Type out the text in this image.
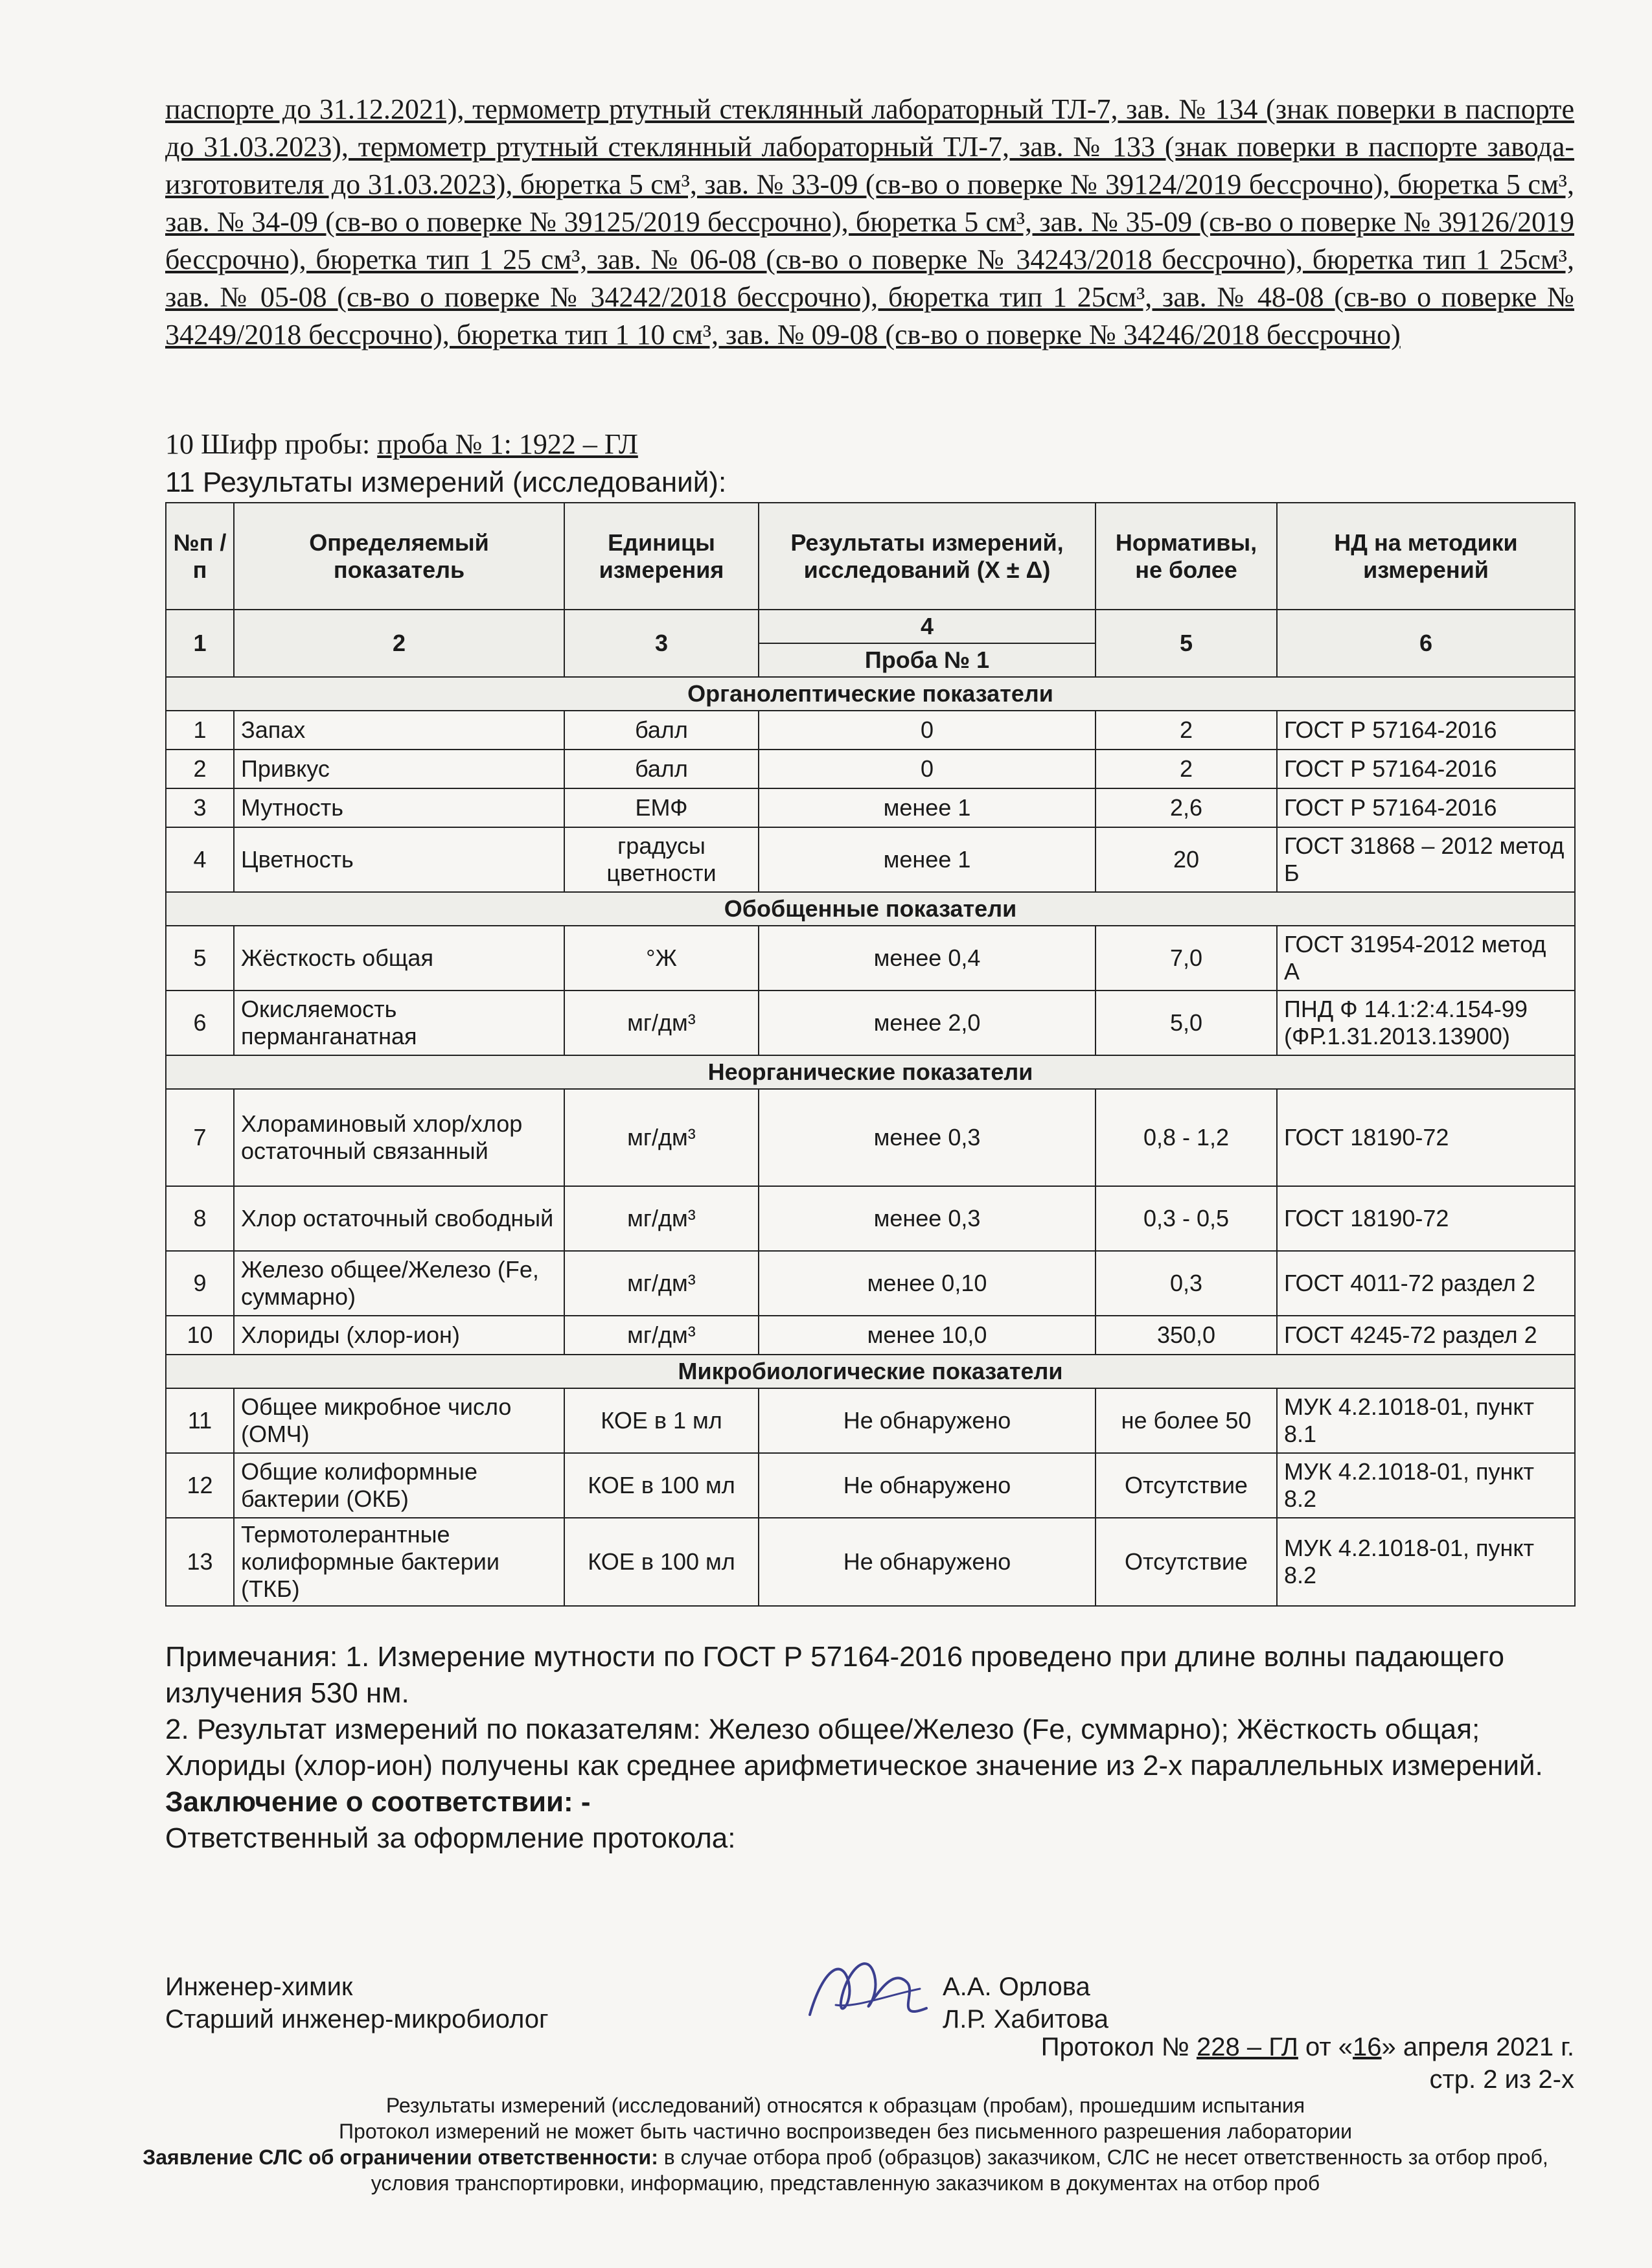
паспорте до 31.12.2021), термометр ртутный стеклянный лабораторный ТЛ-7, зав. № 134 (знак поверки в паспорте до 31.03.2023), термометр ртутный стеклянный лабораторный ТЛ-7, зав. № 133 (знак поверки в паспорте завода-изготовителя до 31.03.2023), бюретка 5 см³, зав. № 33-09 (св-во о поверке № 39124/2019 бессрочно), бюретка 5 см³, зав. № 34-09 (св-во о поверке № 39125/2019 бессрочно), бюретка 5 см³, зав. № 35-09 (св-во о поверке № 39126/2019 бессрочно), бюретка тип 1 25 см³, зав. № 06-08 (св-во о поверке № 34243/2018 бессрочно), бюретка тип 1 25см³, зав. № 05-08 (св-во о поверке № 34242/2018 бессрочно), бюретка тип 1 25см³, зав. № 48-08 (св-во о поверке № 34249/2018 бессрочно), бюретка тип 1 10 см³, зав. № 09-08 (св-во о поверке № 34246/2018 бессрочно)
10 Шифр пробы: проба № 1: 1922 – ГЛ
11 Результаты измерений (исследований):
№п /п	Определяемый показатель	Единицы измерения	Результаты измерений, исследований (Х ± Δ)	Нормативы, не более	НД на методики измерений
1	2	3	4	5	6
			Проба № 1		
Органолептические показатели					
1	Запах	балл	0	2	ГОСТ Р 57164-2016
2	Привкус	балл	0	2	ГОСТ Р 57164-2016
3	Мутность	ЕМФ	менее 1	2,6	ГОСТ Р 57164-2016
4	Цветность	градусы цветности	менее 1	20	ГОСТ 31868 – 2012 метод Б
Обобщенные показатели					
5	Жёсткость общая	°Ж	менее 0,4	7,0	ГОСТ 31954-2012 метод А
6	Окисляемость перманганатная	мг/дм³	менее 2,0	5,0	ПНД Ф 14.1:2:4.154-99 (ФР.1.31.2013.13900)
Неорганические показатели					
7	Хлораминовый хлор/хлор остаточный связанный	мг/дм³	менее 0,3	0,8 - 1,2	ГОСТ 18190-72
8	Хлор остаточный свободный	мг/дм³	менее 0,3	0,3 - 0,5	ГОСТ 18190-72
9	Железо общее/Железо (Fe, суммарно)	мг/дм³	менее 0,10	0,3	ГОСТ 4011-72 раздел 2
10	Хлориды (хлор-ион)	мг/дм³	менее 10,0	350,0	ГОСТ 4245-72 раздел 2
Микробиологические показатели					
11	Общее микробное число (ОМЧ)	КОЕ в 1 мл	Не обнаружено	не более 50	МУК 4.2.1018-01, пункт 8.1
12	Общие колиформные бактерии (ОКБ)	КОЕ в 100 мл	Не обнаружено	Отсутствие	МУК 4.2.1018-01, пункт 8.2
13	Термотолерантные колиформные бактерии (ТКБ)	КОЕ в 100 мл	Не обнаружено	Отсутствие	МУК 4.2.1018-01, пункт 8.2

Примечания: 1. Измерение мутности по ГОСТ Р 57164-2016 проведено при длине волны падающего излучения 530 нм.

2. Результат измерений по показателям: Железо общее/Железо (Fe, суммарно); Жёсткость общая; Хлориды (хлор-ион) получены как среднее арифметическое значение из 2-х параллельных измерений.

Заключение о соответствии: -

Ответственный за оформление протокола:

Инженер-химик	А.А. Орлова
Старший инженер-микробиолог	Л.Р. Хабитова
Протокол № 228 – ГЛ от «16» апреля 2021 г.
стр. 2 из 2-х

Результаты измерений (исследований) относятся к образцам (пробам), прошедшим испытания

Протокол измерений не может быть частично воспроизведен без письменного разрешения лаборатории

Заявление СЛС об ограничении ответственности: в случае отбора проб (образцов) заказчиком, СЛС не несет ответственность за отбор проб, условия транспортировки, информацию, представленную заказчиком в документах на отбор проб
